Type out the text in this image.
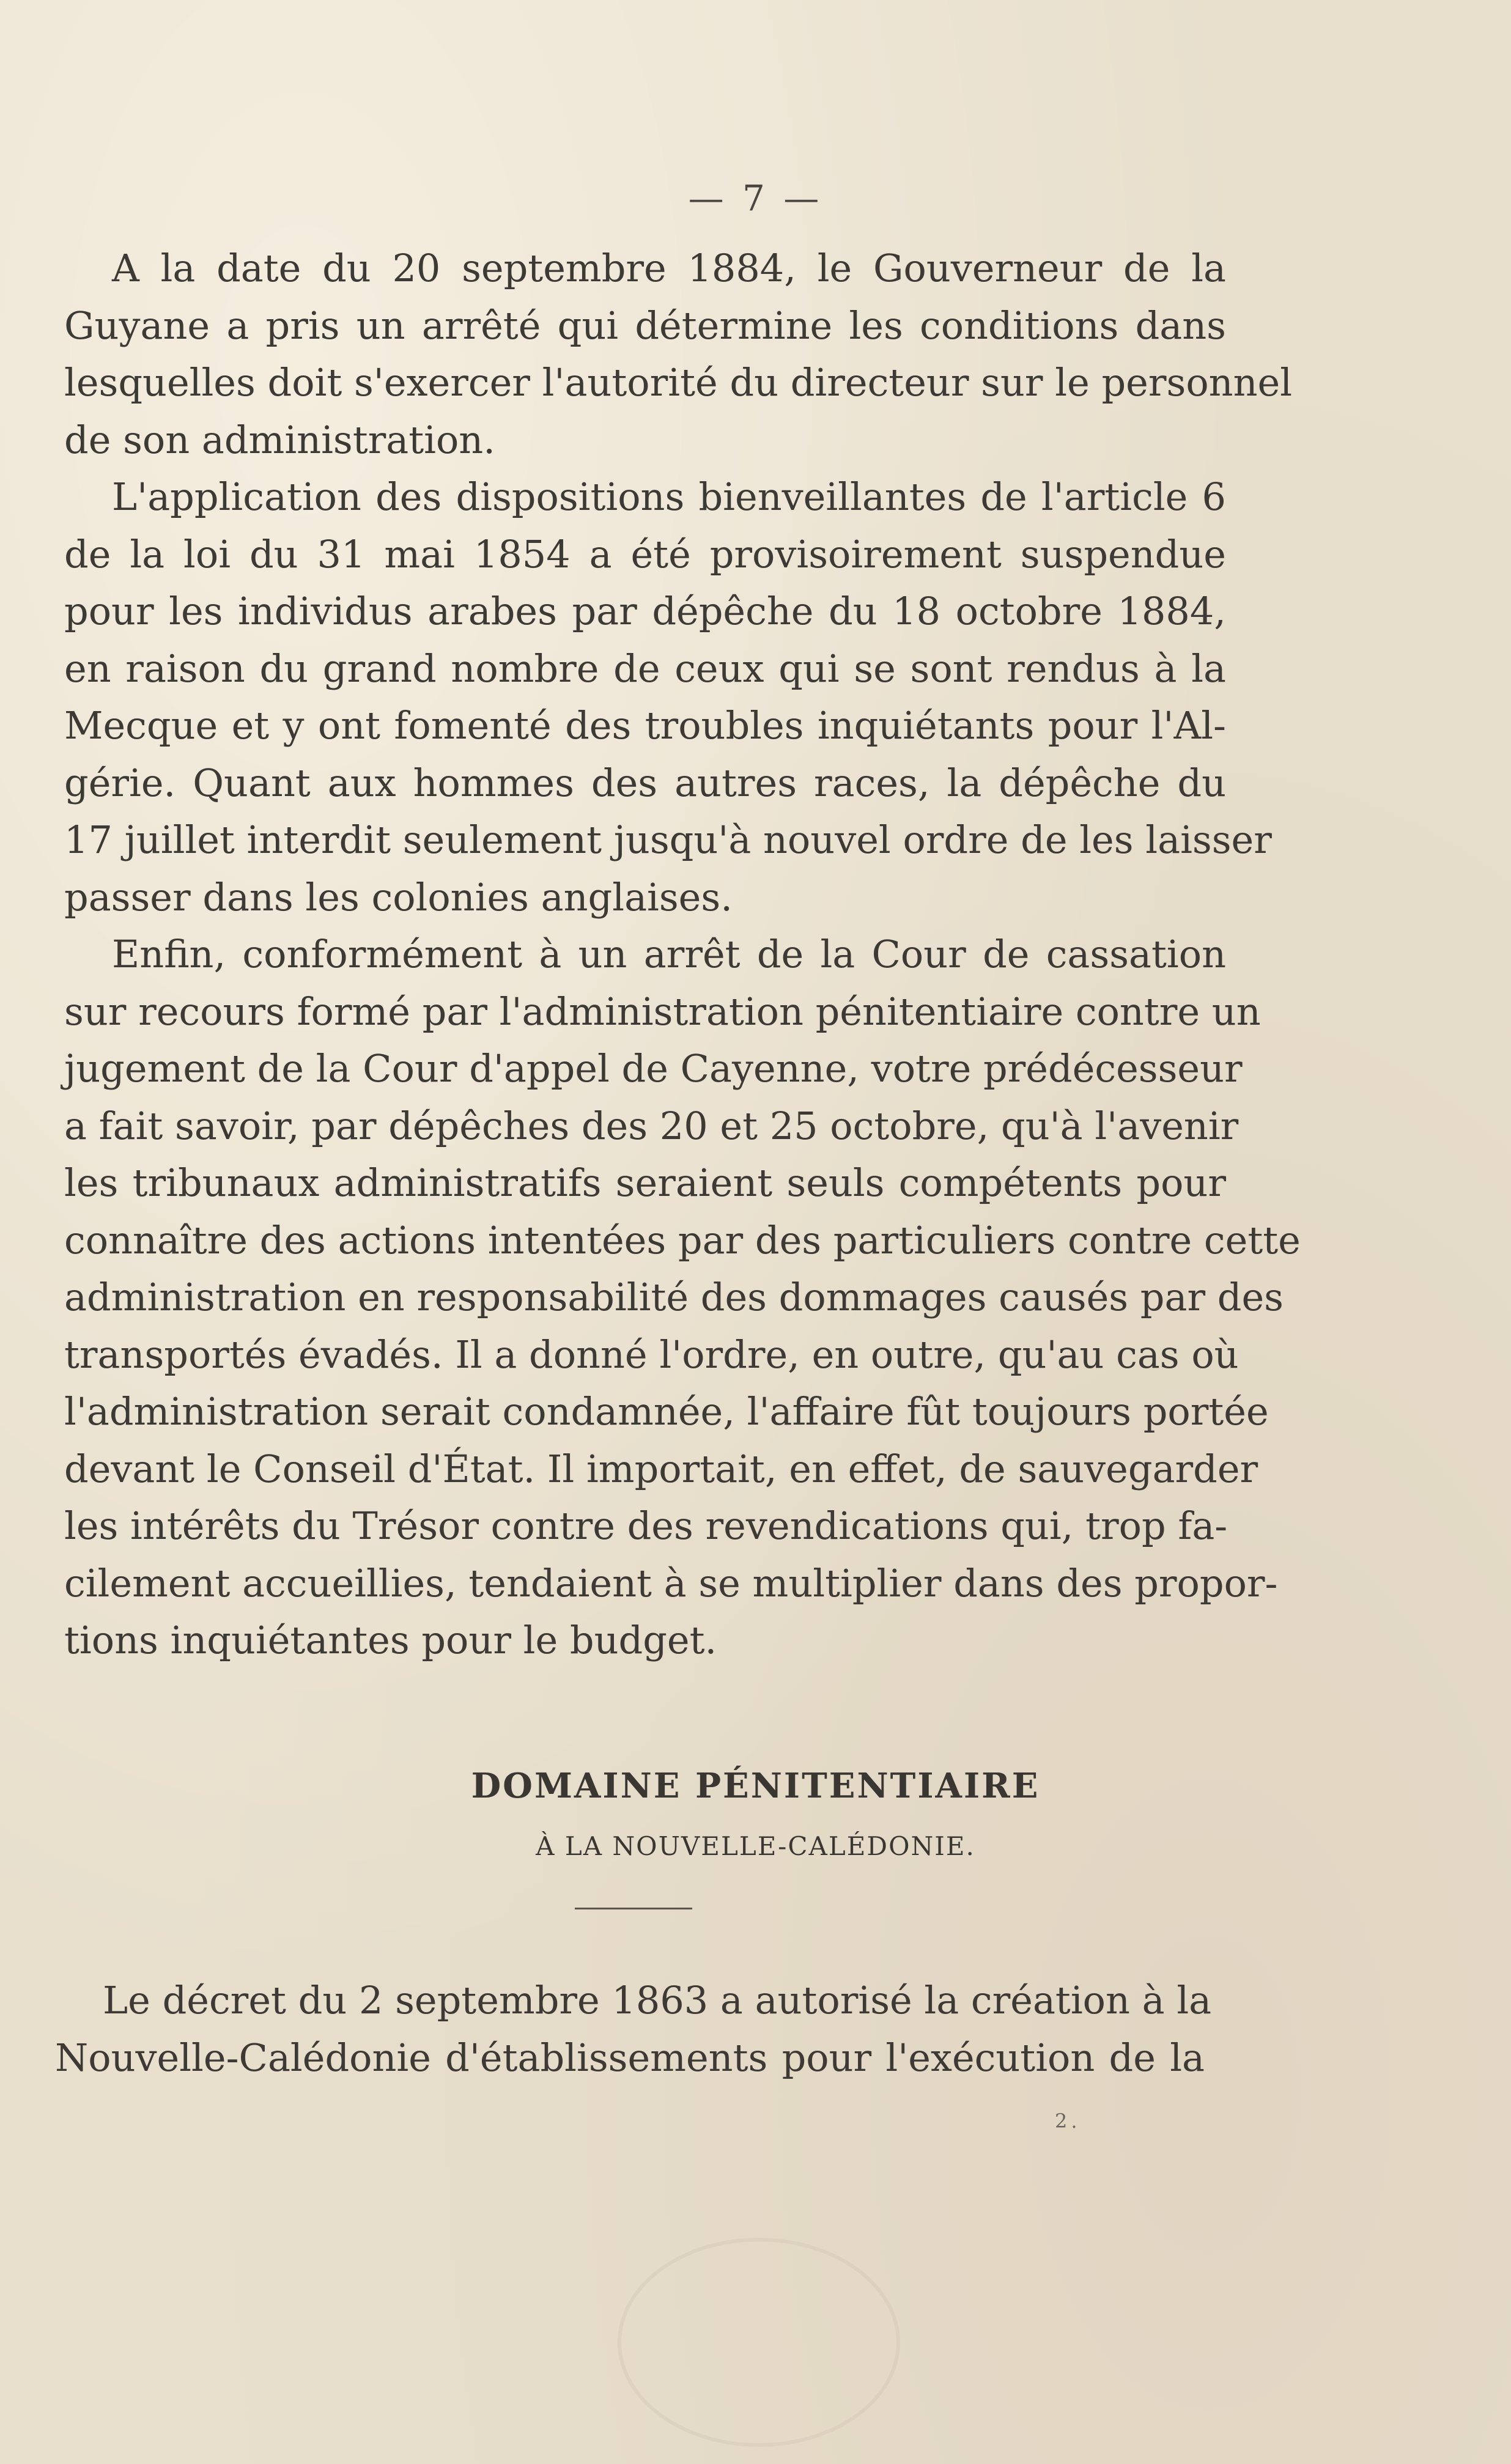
— 7 —
A la date du 20 septembre 1884, le Gouverneur de la
Guyane a pris un arrêté qui détermine les conditions dans
lesquelles doit s'exercer l'autorité du directeur sur le personnel
de son administration.
L'application des dispositions bienveillantes de l'article 6
de la loi du 31 mai 1854 a été provisoirement suspendue
pour les individus arabes par dépêche du 18 octobre 1884,
en raison du grand nombre de ceux qui se sont rendus à la
Mecque et y ont fomenté des troubles inquiétants pour l'Al-
gérie. Quant aux hommes des autres races, la dépêche du
17 juillet interdit seulement jusqu'à nouvel ordre de les laisser
passer dans les colonies anglaises.
Enfin, conformément à un arrêt de la Cour de cassation
sur recours formé par l'administration pénitentiaire contre un
jugement de la Cour d'appel de Cayenne, votre prédécesseur
a fait savoir, par dépêches des 20 et 25 octobre, qu'à l'avenir
les tribunaux administratifs seraient seuls compétents pour
connaître des actions intentées par des particuliers contre cette
administration en responsabilité des dommages causés par des
transportés évadés. Il a donné l'ordre, en outre, qu'au cas où
l'administration serait condamnée, l'affaire fût toujours portée
devant le Conseil d'État. Il importait, en effet, de sauvegarder
les intérêts du Trésor contre des revendications qui, trop fa-
cilement accueillies, tendaient à se multiplier dans des propor-
tions inquiétantes pour le budget.
DOMAINE PÉNITENTIAIRE
À LA NOUVELLE-CALÉDONIE.
Le décret du 2 septembre 1863 a autorisé la création à la
Nouvelle-Calédonie d'établissements pour l'exécution de la
2.
